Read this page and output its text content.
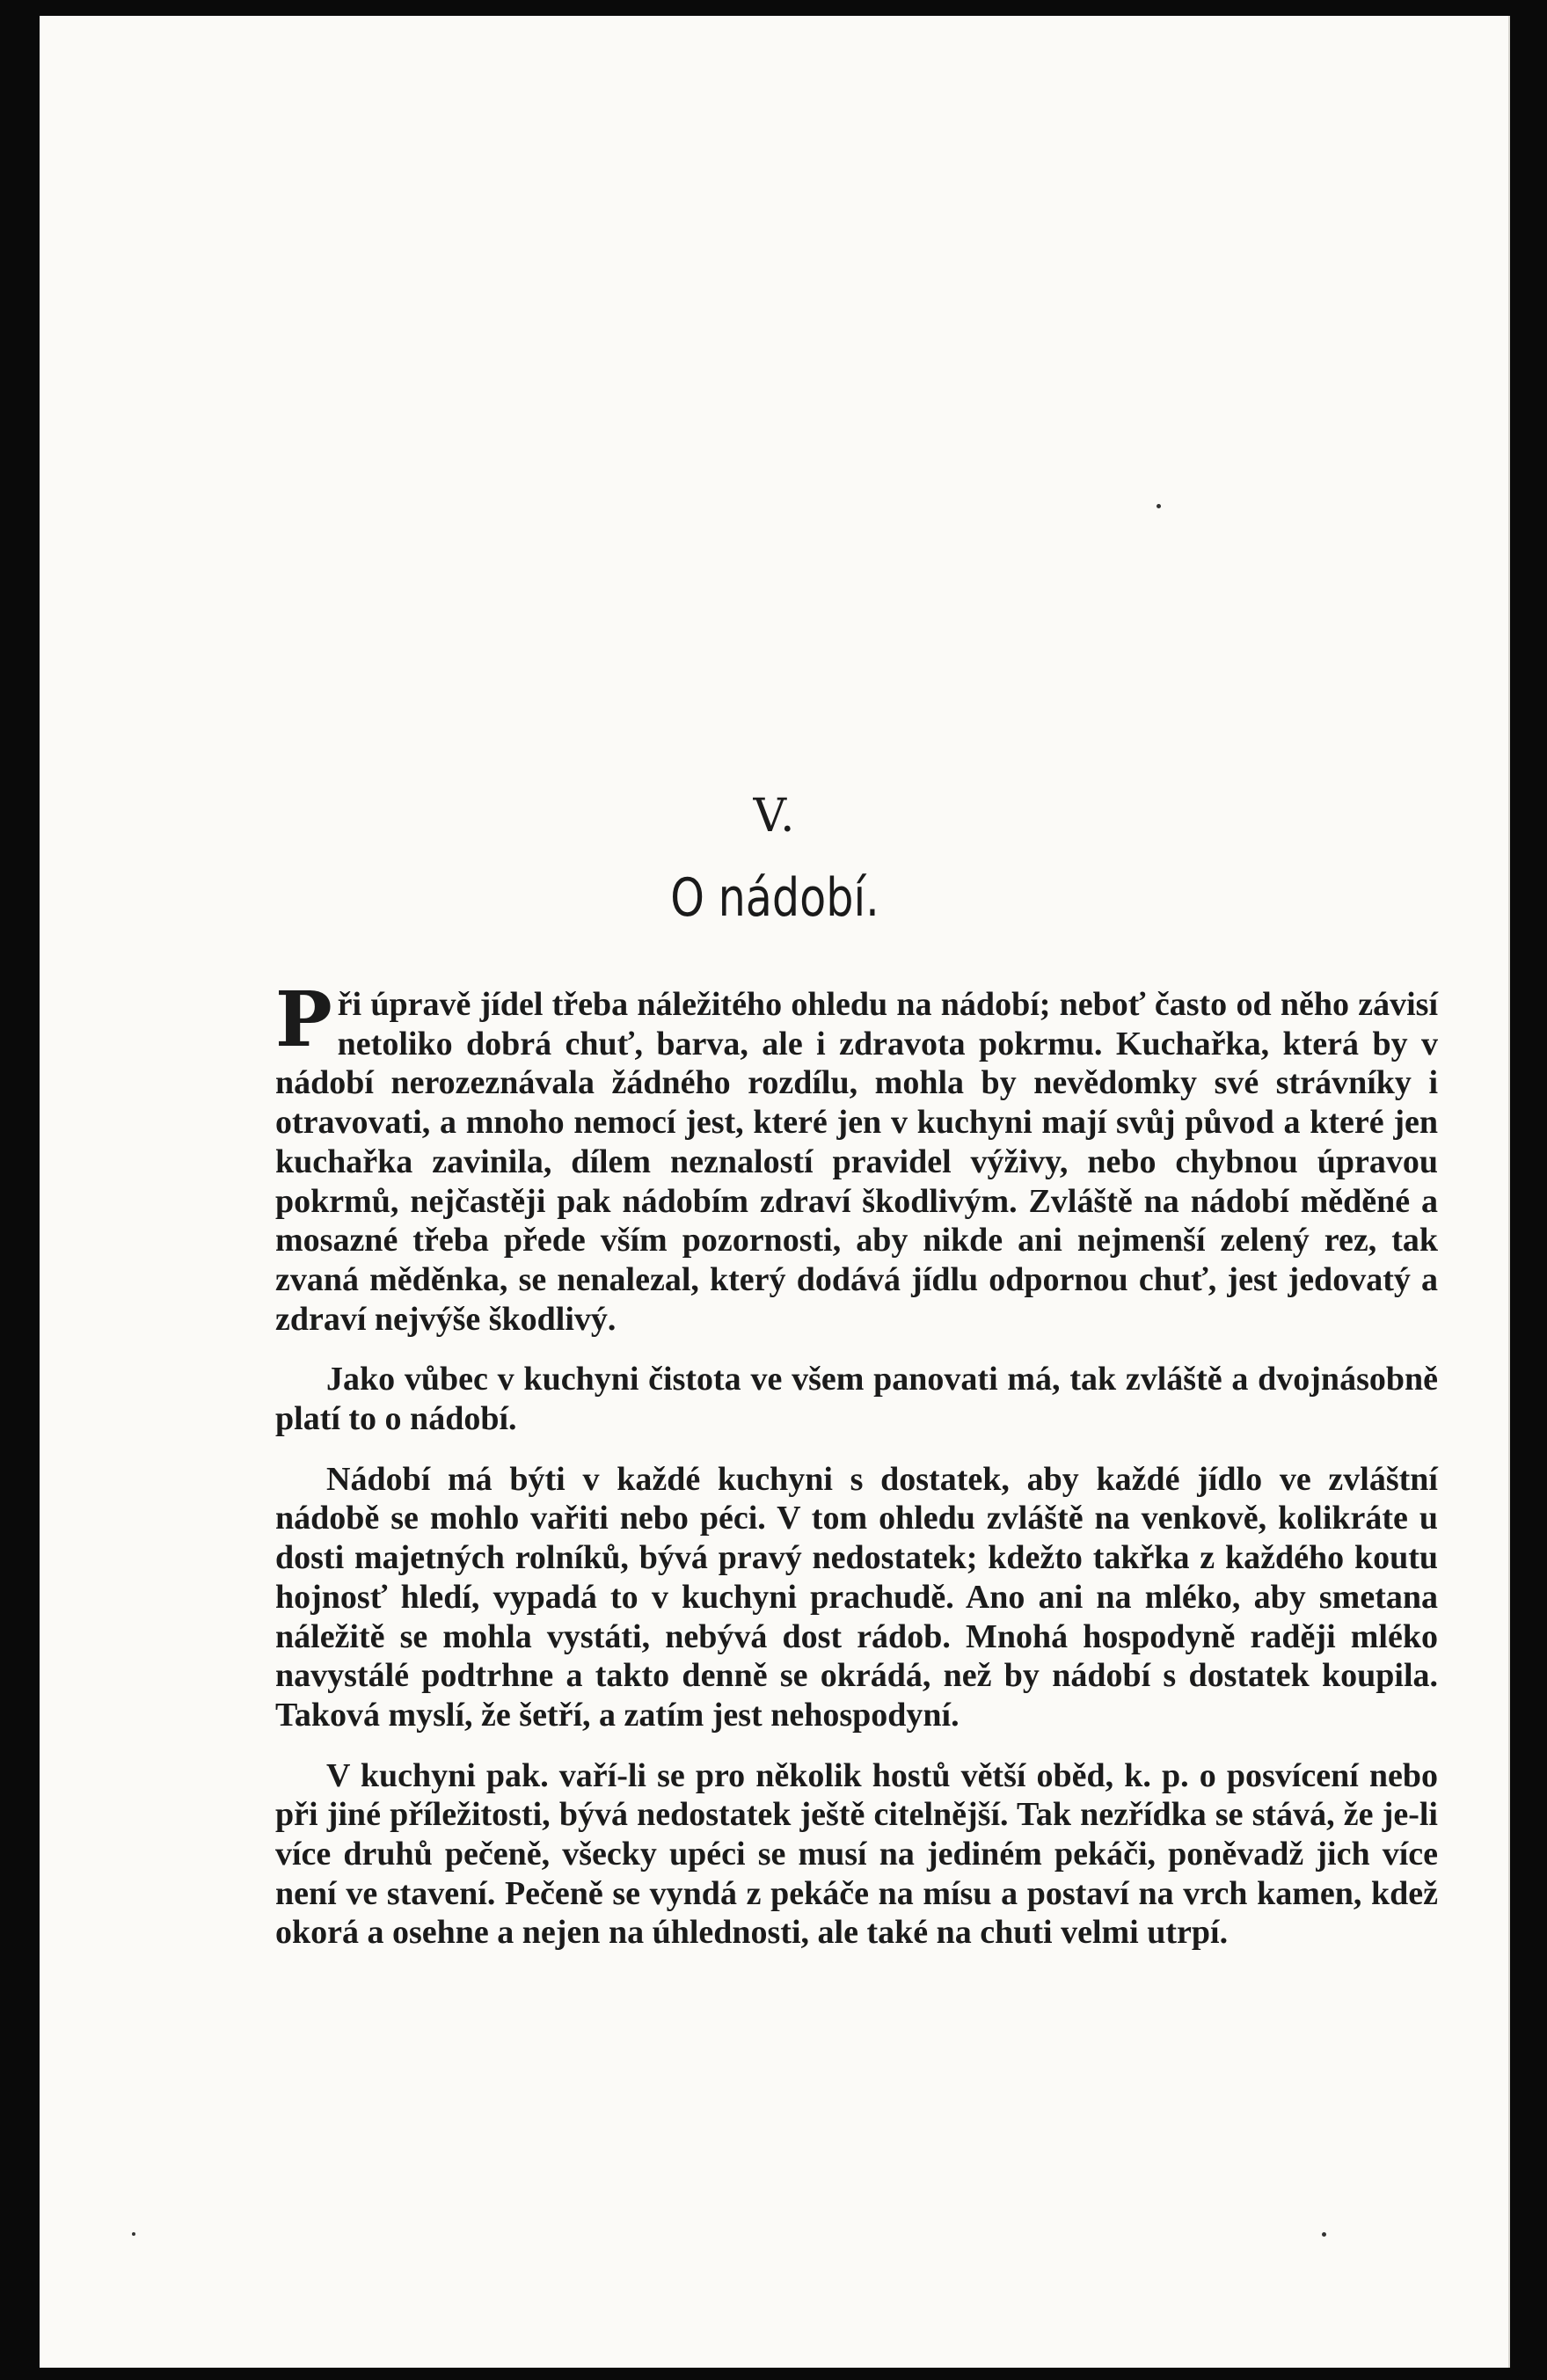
V.
O nádobí.

Při úpravě jídel třeba náležitého ohledu na nádobí; neboť často od něho závisí netoliko dobrá chuť, barva, ale i zdravota pokrmu. Kuchařka, která by v nádobí nerozeznávala žádného rozdílu, mohla by nevědomky své strávníky i otravovati, a mnoho nemocí jest, které jen v kuchyni mají svůj původ a které jen kuchařka zavinila, dílem neznalostí pravidel výživy, nebo chybnou úpravou pokrmů, nejčastěji pak nádobím zdraví škodlivým. Zvláště na nádobí měděné a mosazné třeba přede vším pozornosti, aby nikde ani nejmenší zelený rez, tak zvaná měděnka, se nenalezal, který dodává jídlu odpornou chuť, jest jedovatý a zdraví nejvýše škodlivý.

Jako vůbec v kuchyni čistota ve všem panovati má, tak zvláště a dvojnásobně platí to o nádobí.

Nádobí má býti v každé kuchyni s dostatek, aby každé jídlo ve zvláštní nádobě se mohlo vařiti nebo péci. V tom ohledu zvláště na venkově, kolikráte u dosti majetných rolníků, bývá pravý nedostatek; kdežto takřka z každého koutu hojnosť hledí, vypadá to v kuchyni prachudě. Ano ani na mléko, aby smetana náležitě se mohla vystáti, nebývá dost rádob. Mnohá hospodyně raději mléko navystálé podtrhne a takto denně se okrádá, než by nádobí s dostatek koupila. Taková myslí, že šetří, a zatím jest nehospodyní.

V kuchyni pak. vaří-li se pro několik hostů větší oběd, k. p. o posvícení nebo při jiné příležitosti, bývá nedostatek ještě citelnější. Tak nezřídka se stává, že je-li více druhů pečeně, všecky upéci se musí na jediném pekáči, poněvadž jich více není ve stavení. Pečeně se vyndá z pekáče na mísu a postaví na vrch kamen, kdež okorá a osehne a nejen na úhlednosti, ale také na chuti velmi utrpí.
